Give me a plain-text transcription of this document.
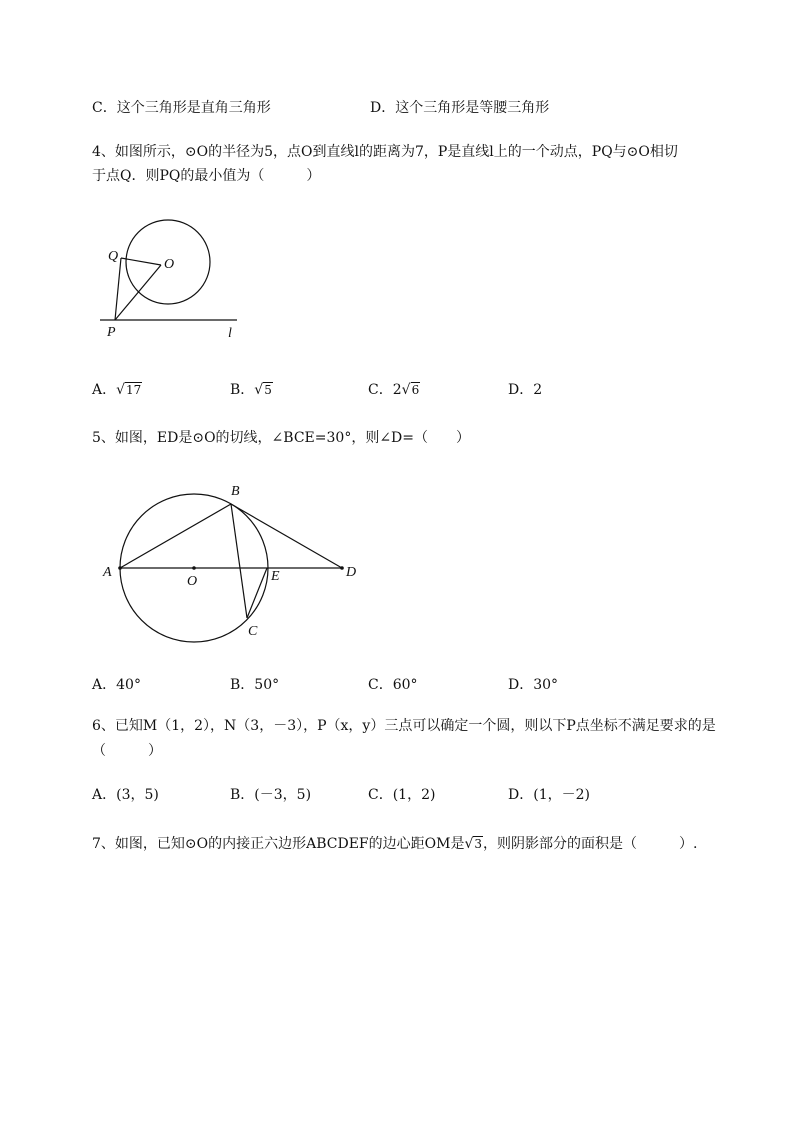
C．这个三角形是直角三角形	D．这个三角形是等腰三角形
4、如图所示，⊙O的半径为5，点O到直线l的距离为7，P是直线l上的一个动点，PQ与⊙O相切
于点Q．则PQ的最小值为（　　　）
Q
O
P	l
A．√17	B．√5	C．2√6	D．2
5、如图，ED是⊙O的切线，∠BCE=30°，则∠D=（　　）
A
B
O	E	D
C
A．40°	B．50°	C．60°	D．30°
6、已知M（1，2），N（3，－3），P（x，y）三点可以确定一个圆，则以下P点坐标不满足要求的是
（　　　）
A．(3，5)	B．(－3，5)	C．(1，2)	D．(1，－2)
7、如图，已知⊙O的内接正六边形ABCDEF的边心距OM是√3，则阴影部分的面积是（　　　）.
